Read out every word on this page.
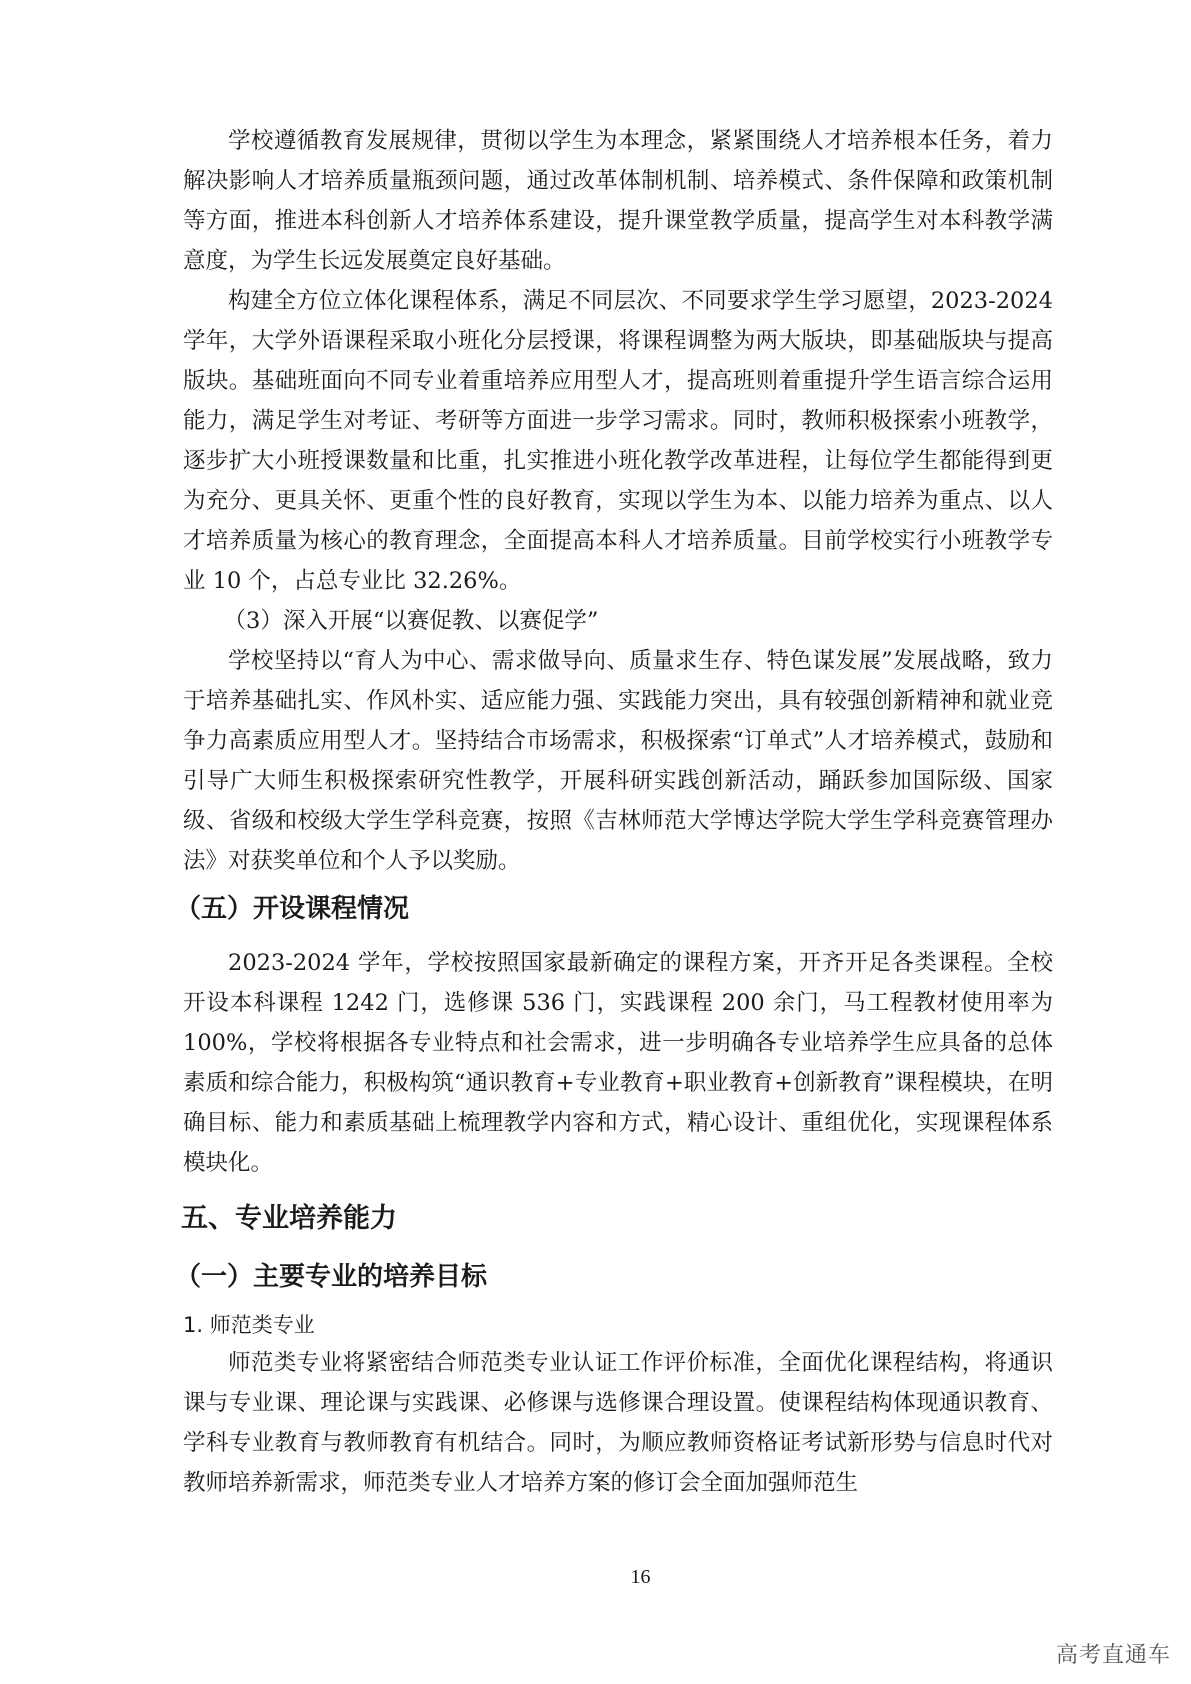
学校遵循教育发展规律，贯彻以学生为本理念，紧紧围绕人才培养根本任务，着力解决影响人才培养质量瓶颈问题，通过改革体制机制、培养模式、条件保障和政策机制等方面，推进本科创新人才培养体系建设，提升课堂教学质量，提高学生对本科教学满意度，为学生长远发展奠定良好基础。

构建全方位立体化课程体系，满足不同层次、不同要求学生学习愿望，2023-2024学年，大学外语课程采取小班化分层授课，将课程调整为两大版块，即基础版块与提高版块。基础班面向不同专业着重培养应用型人才，提高班则着重提升学生语言综合运用能力，满足学生对考证、考研等方面进一步学习需求。同时，教师积极探索小班教学，逐步扩大小班授课数量和比重，扎实推进小班化教学改革进程，让每位学生都能得到更为充分、更具关怀、更重个性的良好教育，实现以学生为本、以能力培养为重点、以人才培养质量为核心的教育理念，全面提高本科人才培养质量。目前学校实行小班教学专业 10 个，占总专业比 32.26%。

（3）深入开展“以赛促教、以赛促学”

学校坚持以“育人为中心、需求做导向、质量求生存、特色谋发展”发展战略，致力于培养基础扎实、作风朴实、适应能力强、实践能力突出，具有较强创新精神和就业竞争力高素质应用型人才。坚持结合市场需求，积极探索“订单式”人才培养模式，鼓励和引导广大师生积极探索研究性教学，开展科研实践创新活动，踊跃参加国际级、国家级、省级和校级大学生学科竞赛，按照《吉林师范大学博达学院大学生学科竞赛管理办法》对获奖单位和个人予以奖励。

（五）开设课程情况

2023-2024 学年，学校按照国家最新确定的课程方案，开齐开足各类课程。全校开设本科课程 1242 门，选修课 536 门，实践课程 200 余门，马工程教材使用率为100%，学校将根据各专业特点和社会需求，进一步明确各专业培养学生应具备的总体素质和综合能力，积极构筑“通识教育+专业教育+职业教育+创新教育”课程模块，在明确目标、能力和素质基础上梳理教学内容和方式，精心设计、重组优化，实现课程体系模块化。

五、专业培养能力
（一）主要专业的培养目标
1. 师范类专业

师范类专业将紧密结合师范类专业认证工作评价标准，全面优化课程结构，将通识课与专业课、理论课与实践课、必修课与选修课合理设置。使课程结构体现通识教育、学科专业教育与教师教育有机结合。同时，为顺应教师资格证考试新形势与信息时代对教师培养新需求，师范类专业人才培养方案的修订会全面加强师范生

16
高考直通车
